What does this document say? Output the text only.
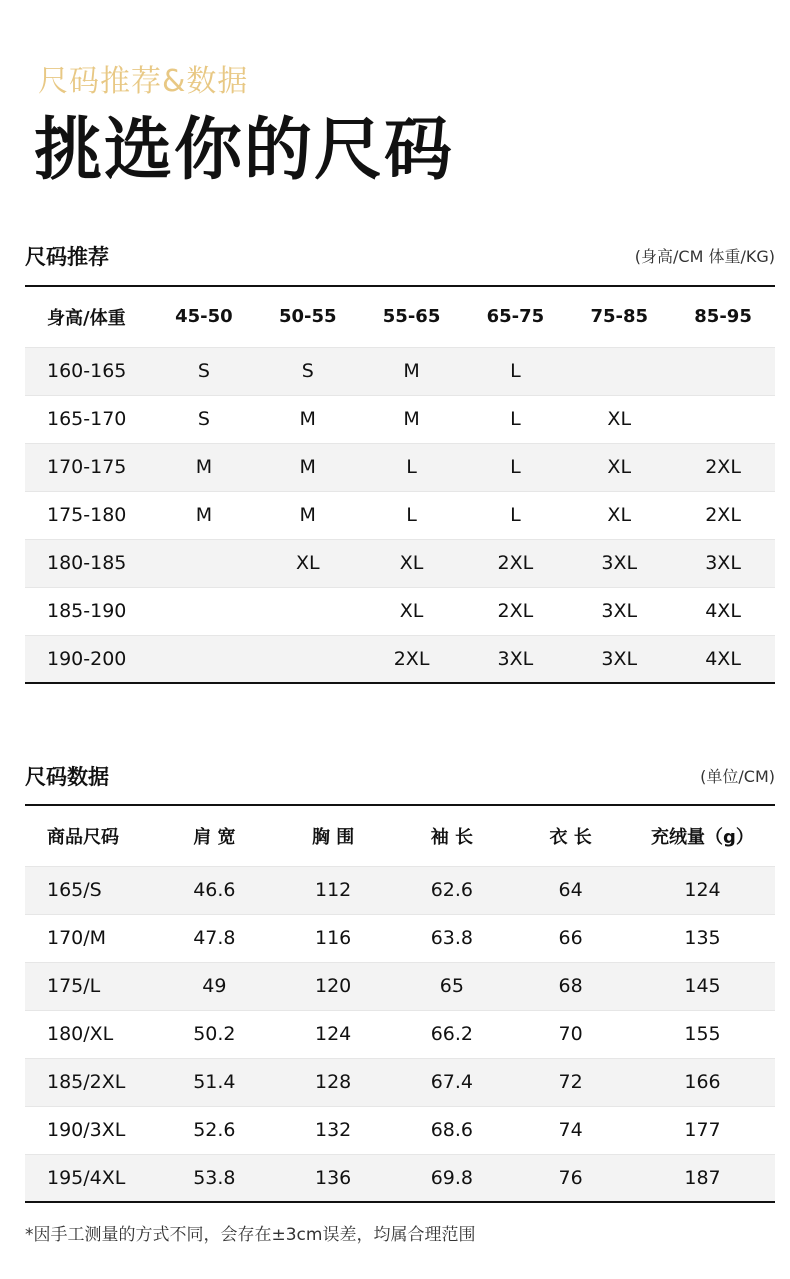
尺码推荐&数据
挑选你的尺码
尺码推荐	(身高/CM 体重/KG)
身高/体重	45-50	50-55	55-65	65-75	75-85	85-95
160-165	S	S	M	L		
165-170	S	M	M	L	XL	
170-175	M	M	L	L	XL	2XL
175-180	M	M	L	L	XL	2XL
180-185		XL	XL	2XL	3XL	3XL
185-190			XL	2XL	3XL	4XL
190-200			2XL	3XL	3XL	4XL
尺码数据	(单位/CM)
商品尺码	肩 宽	胸 围	袖 长	衣 长	充绒量（g）
165/S	46.6	112	62.6	64	124
170/M	47.8	116	63.8	66	135
175/L	49	120	65	68	145
180/XL	50.2	124	66.2	70	155
185/2XL	51.4	128	67.4	72	166
190/3XL	52.6	132	68.6	74	177
195/4XL	53.8	136	69.8	76	187
*因手工测量的方式不同，会存在±3cm误差，均属合理范围
